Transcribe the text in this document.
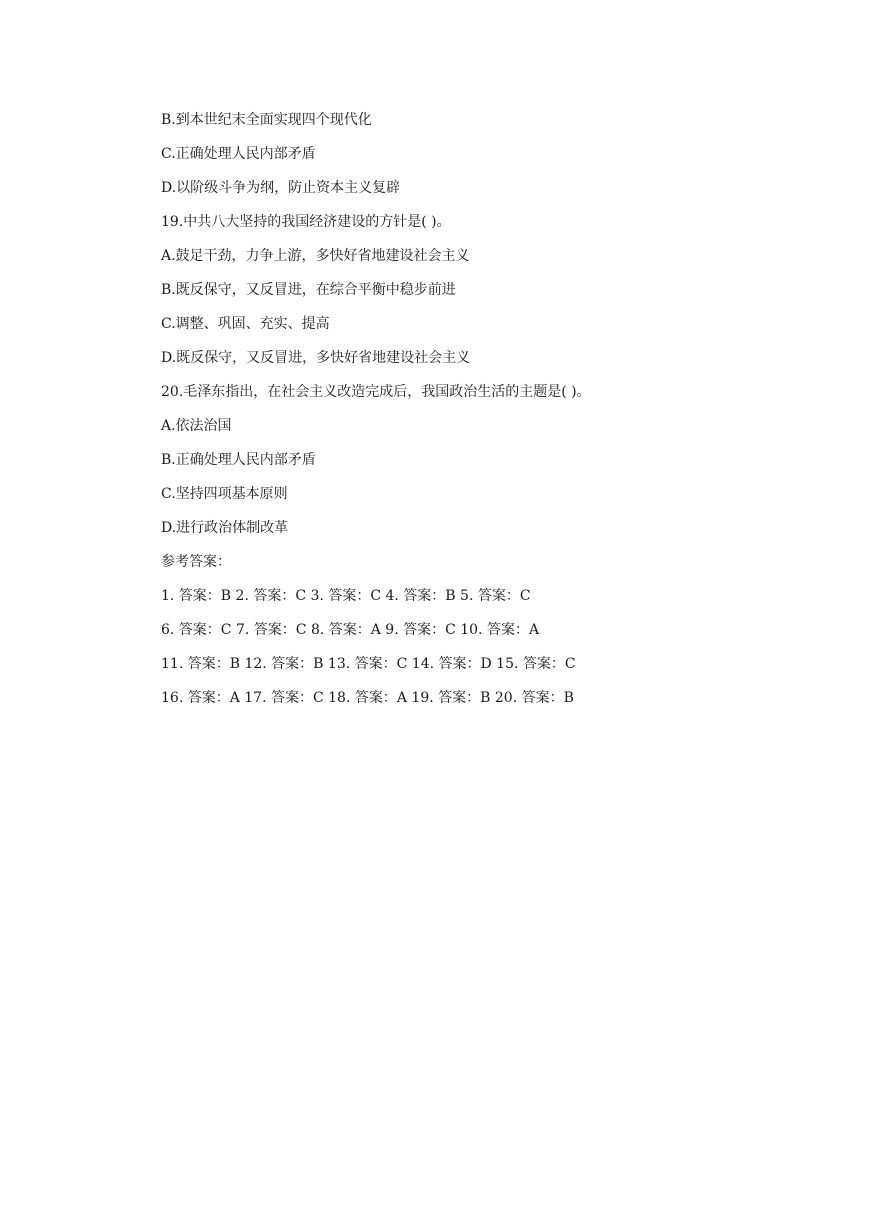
B.到本世纪末全面实现四个现代化
C.正确处理人民内部矛盾
D.以阶级斗争为纲，防止资本主义复辟
19.中共八大坚持的我国经济建设的方针是( )。
A.鼓足干劲，力争上游，多快好省地建设社会主义
B.既反保守，又反冒进，在综合平衡中稳步前进
C.调整、巩固、充实、提高
D.既反保守，又反冒进，多快好省地建设社会主义
20.毛泽东指出，在社会主义改造完成后，我国政治生活的主题是( )。
A.依法治国
B.正确处理人民内部矛盾
C.坚持四项基本原则
D.进行政治体制改革
参考答案：
1. 答案：B 2. 答案：C 3. 答案：C 4. 答案：B 5. 答案：C
6. 答案：C 7. 答案：C 8. 答案：A 9. 答案：C 10. 答案：A
11. 答案：B 12. 答案：B 13. 答案：C 14. 答案：D 15. 答案：C
16. 答案：A 17. 答案：C 18. 答案：A 19. 答案：B 20. 答案：B
